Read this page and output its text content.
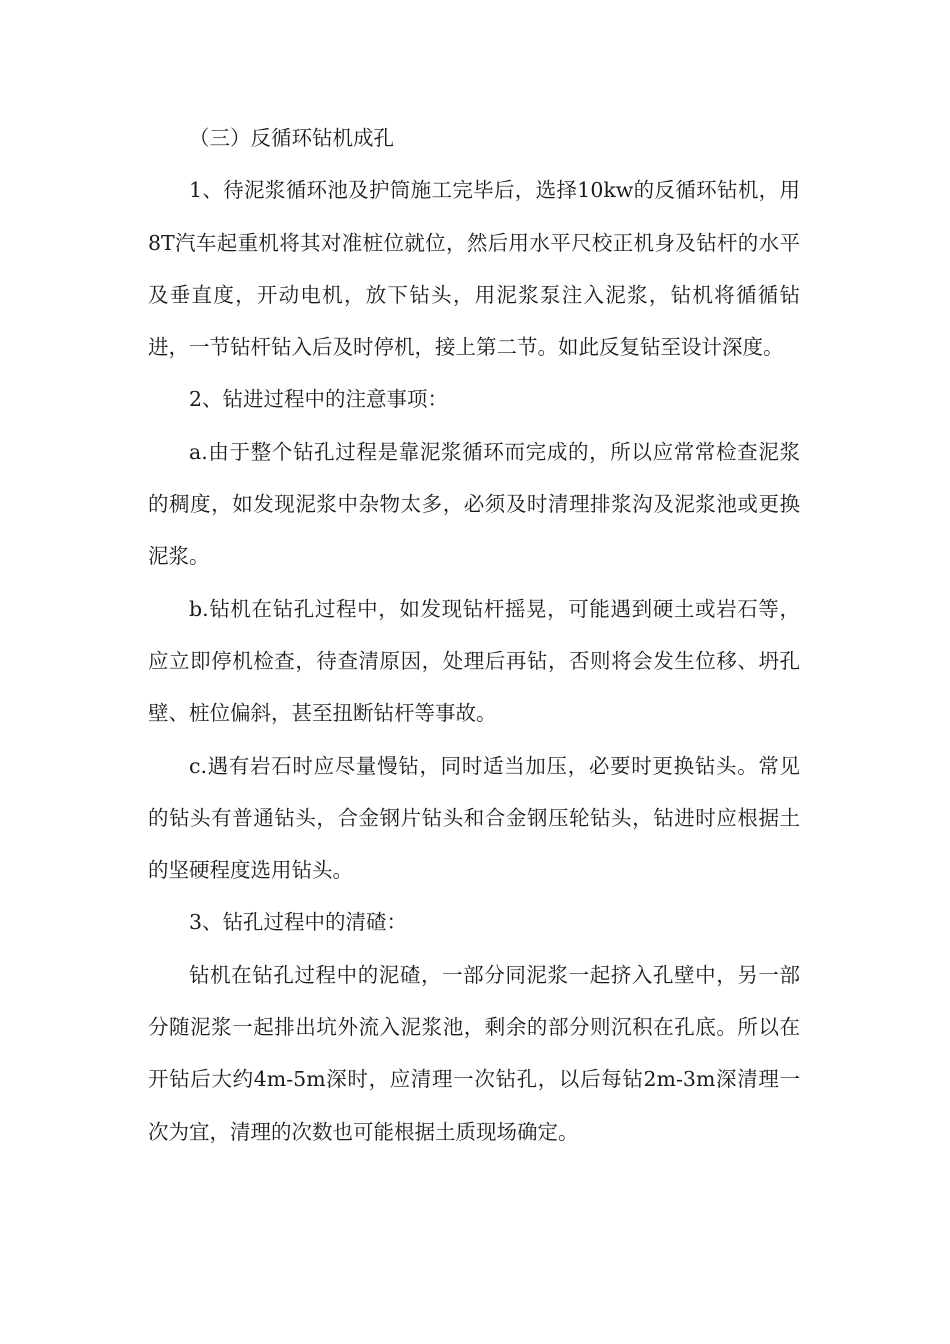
（三）反循环钻机成孔

1、待泥浆循环池及护筒施工完毕后，选择10kw的反循环钻机，用8T汽车起重机将其对准桩位就位，然后用水平尺校正机身及钻杆的水平及垂直度，开动电机，放下钻头，用泥浆泵注入泥浆，钻机将循循钻进，一节钻杆钻入后及时停机，接上第二节。如此反复钻至设计深度。

2、钻进过程中的注意事项：

a.由于整个钻孔过程是靠泥浆循环而完成的，所以应常常检查泥浆的稠度，如发现泥浆中杂物太多，必须及时清理排浆沟及泥浆池或更换泥浆。

b.钻机在钻孔过程中，如发现钻杆摇晃，可能遇到硬土或岩石等，应立即停机检查，待查清原因，处理后再钻，否则将会发生位移、坍孔壁、桩位偏斜，甚至扭断钻杆等事故。

c.遇有岩石时应尽量慢钻，同时适当加压，必要时更换钻头。常见的钻头有普通钻头，合金钢片钻头和合金钢压轮钻头，钻进时应根据土的坚硬程度选用钻头。

3、钻孔过程中的清碴：

钻机在钻孔过程中的泥碴，一部分同泥浆一起挤入孔壁中，另一部分随泥浆一起排出坑外流入泥浆池，剩余的部分则沉积在孔底。所以在开钻后大约4m-5m深时，应清理一次钻孔，以后每钻2m-3m深清理一次为宜，清理的次数也可能根据土质现场确定。
